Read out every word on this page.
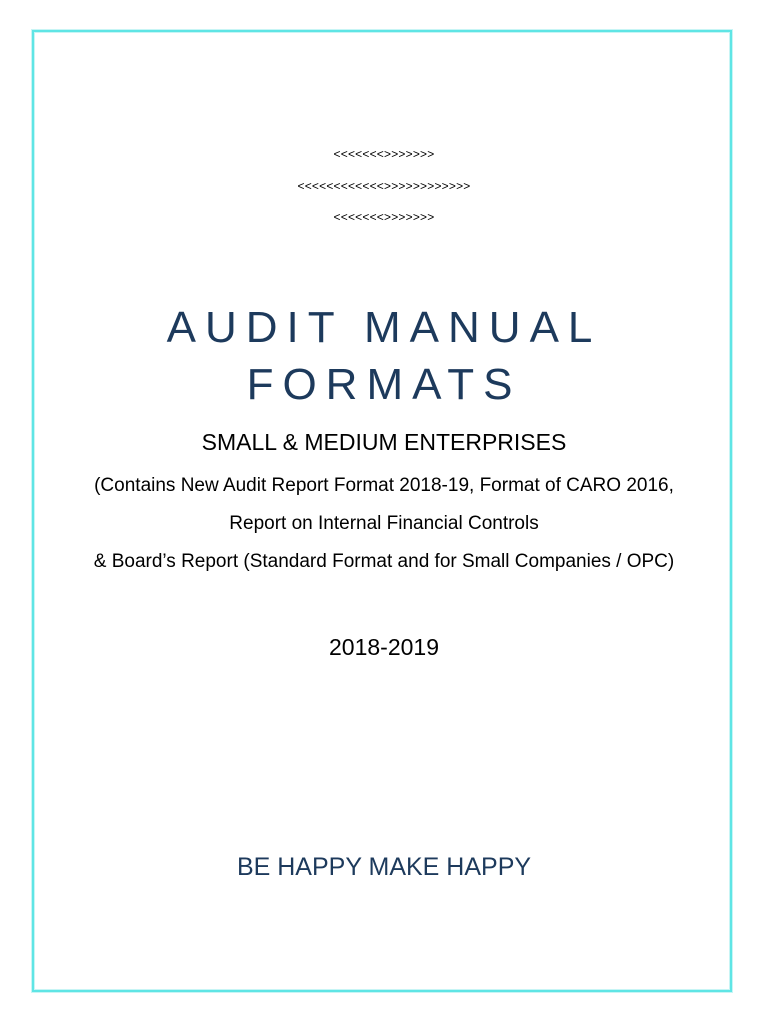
<<<<<<<>>>>>>>
<<<<<<<<<<<<>>>>>>>>>>>>
<<<<<<<>>>>>>>
AUDIT MANUAL
FORMATS
SMALL & MEDIUM ENTERPRISES
(Contains New Audit Report Format 2018-19, Format of CARO 2016,
Report on Internal Financial Controls
& Board’s Report (Standard Format and for Small Companies / OPC)
2018-2019
BE HAPPY MAKE HAPPY
